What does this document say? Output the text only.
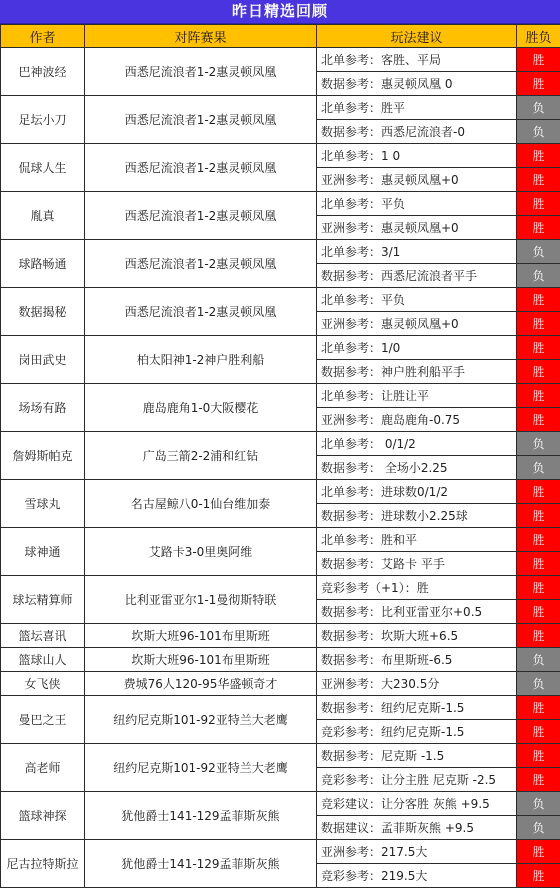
昨日精选回顾
作者	对阵赛果	玩法建议	胜负
巴神波经	西悉尼流浪者1-2惠灵顿凤凰	北单参考：客胜、平局	胜
		数据参考：惠灵顿凤凰 0	胜
足坛小刀	西悉尼流浪者1-2惠灵顿凤凰	北单参考：胜平	负
		数据参考：西悉尼流浪者-0	负
侃球人生	西悉尼流浪者1-2惠灵顿凤凰	北单参考：1 0	胜
		亚洲参考：惠灵顿凤凰+0	胜
胤真	西悉尼流浪者1-2惠灵顿凤凰	北单参考：平负	胜
		亚洲参考：惠灵顿凤凰+0	胜
球路畅通	西悉尼流浪者1-2惠灵顿凤凰	北单参考：3/1	负
		数据参考：西悉尼流浪者平手	负
数据揭秘	西悉尼流浪者1-2惠灵顿凤凰	北单参考：平负	胜
		亚洲参考：惠灵顿凤凰+0	胜
岗田武史	柏太阳神1-2神户胜利船	北单参考：1/0	胜
		数据参考：神户胜利船平手	胜
场场有路	鹿岛鹿角1-0大阪樱花	北单参考：让胜让平	胜
		亚洲参考：鹿岛鹿角-0.75	胜
詹姆斯帕克	广岛三箭2-2浦和红钻	北单参考： 0/1/2	负
		数据参考： 全场小2.25	负
雪球丸	名古屋鲸八0-1仙台维加泰	北单参考：进球数0/1/2	胜
		数据参考：进球数小2.25球	胜
球神通	艾路卡3-0里奥阿维	北单参考：胜和平	胜
		数据参考：艾路卡 平手	胜
球坛精算师	比利亚雷亚尔1-1曼彻斯特联	竞彩参考（+1）：胜	胜
		数据参考：比利亚雷亚尔+0.5	胜
篮坛喜讯	坎斯大班96-101布里斯班	数据参考：坎斯大班+6.5	胜
篮球山人	坎斯大班96-101布里斯班	数据参考：布里斯班-6.5	负
女飞侠	费城76人120-95华盛顿奇才	亚洲参考：大230.5分	负
曼巴之王	纽约尼克斯101-92亚特兰大老鹰	数据参考：纽约尼克斯-1.5	胜
		竞彩参考：纽约尼克斯-1.5	胜
高老师	纽约尼克斯101-92亚特兰大老鹰	数据参考：尼克斯 -1.5	胜
		竞彩参考：让分主胜 尼克斯 -2.5	胜
篮球神探	犹他爵士141-129孟菲斯灰熊	竞彩建议：让分客胜 灰熊 +9.5	负
		数据建议：孟菲斯灰熊 +9.5	负
尼古拉特斯拉	犹他爵士141-129孟菲斯灰熊	亚洲参考：217.5大	胜
		竞彩参考：219.5大	胜
